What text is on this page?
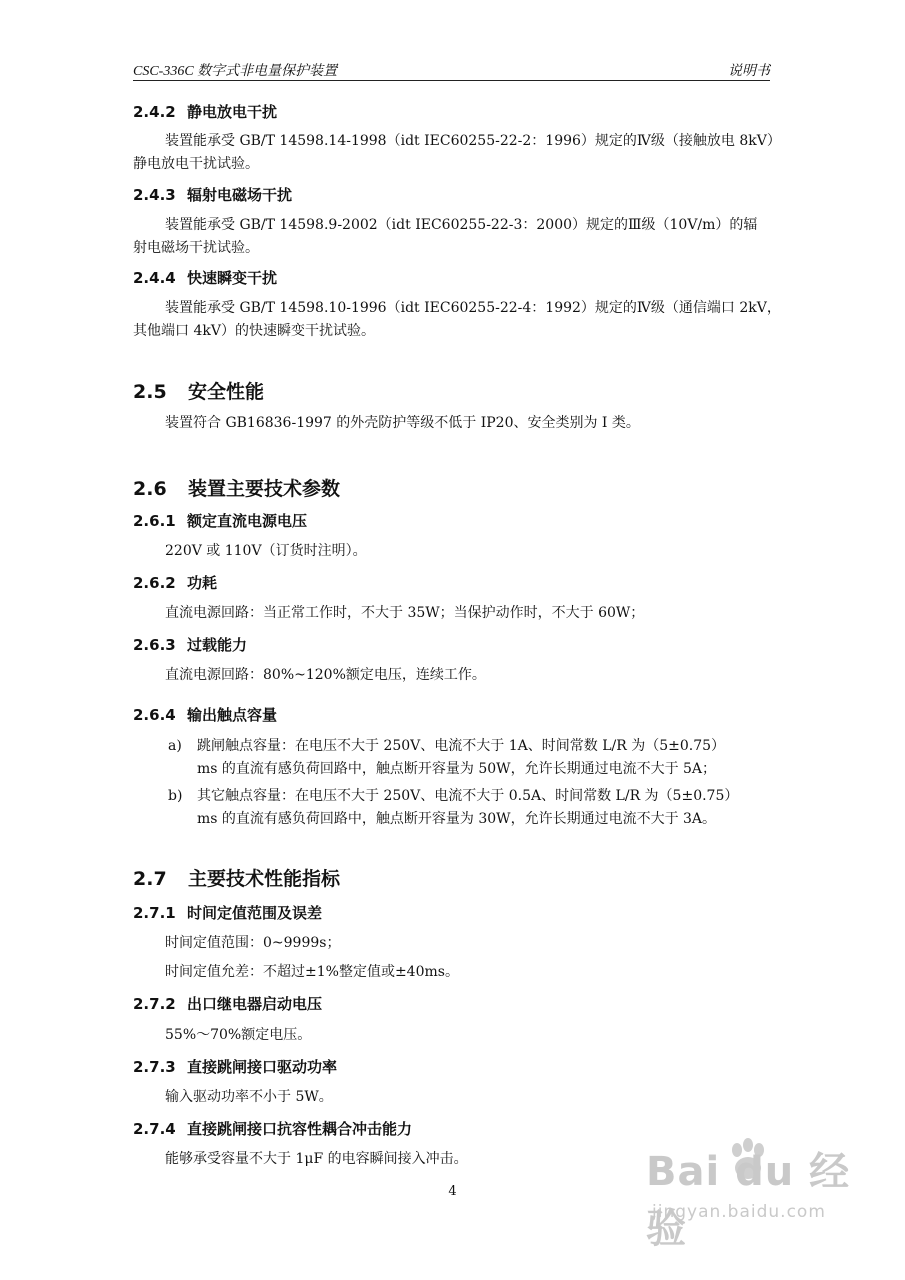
CSC-336C 数字式非电量保护装置	说明书
2.4.2 静电放电干扰
装置能承受 GB/T 14598.14-1998（idt IEC60255-22-2：1996）规定的Ⅳ级（接触放电 8kV）
静电放电干扰试验。
2.4.3 辐射电磁场干扰
装置能承受 GB/T 14598.9-2002（idt IEC60255-22-3：2000）规定的Ⅲ级（10V/m）的辐
射电磁场干扰试验。
2.4.4 快速瞬变干扰
装置能承受 GB/T 14598.10-1996（idt IEC60255-22-4：1992）规定的Ⅳ级（通信端口 2kV，
其他端口 4kV）的快速瞬变干扰试验。
2.5 安全性能
装置符合 GB16836-1997 的外壳防护等级不低于 IP20、安全类别为 I 类。
2.6 装置主要技术参数
2.6.1 额定直流电源电压
220V 或 110V（订货时注明）。
2.6.2 功耗
直流电源回路：当正常工作时，不大于 35W；当保护动作时，不大于 60W；
2.6.3 过载能力
直流电源回路：80%~120%额定电压，连续工作。
2.6.4 输出触点容量
a) 跳闸触点容量：在电压不大于 250V、电流不大于 1A、时间常数 L/R 为（5±0.75）
ms 的直流有感负荷回路中，触点断开容量为 50W，允许长期通过电流不大于 5A；
b) 其它触点容量：在电压不大于 250V、电流不大于 0.5A、时间常数 L/R 为（5±0.75）
ms 的直流有感负荷回路中，触点断开容量为 30W，允许长期通过电流不大于 3A。
2.7 主要技术性能指标
2.7.1 时间定值范围及误差
时间定值范围：0~9999s；
时间定值允差：不超过±1%整定值或±40ms。
2.7.2 出口继电器启动电压
55%～70%额定电压。
2.7.3 直接跳闸接口驱动功率
输入驱动功率不小于 5W。
2.7.4 直接跳闸接口抗容性耦合冲击能力
能够承受容量不大于 1μF 的电容瞬间接入冲击。
4	Bai du 经验
jingyan.baidu.com
